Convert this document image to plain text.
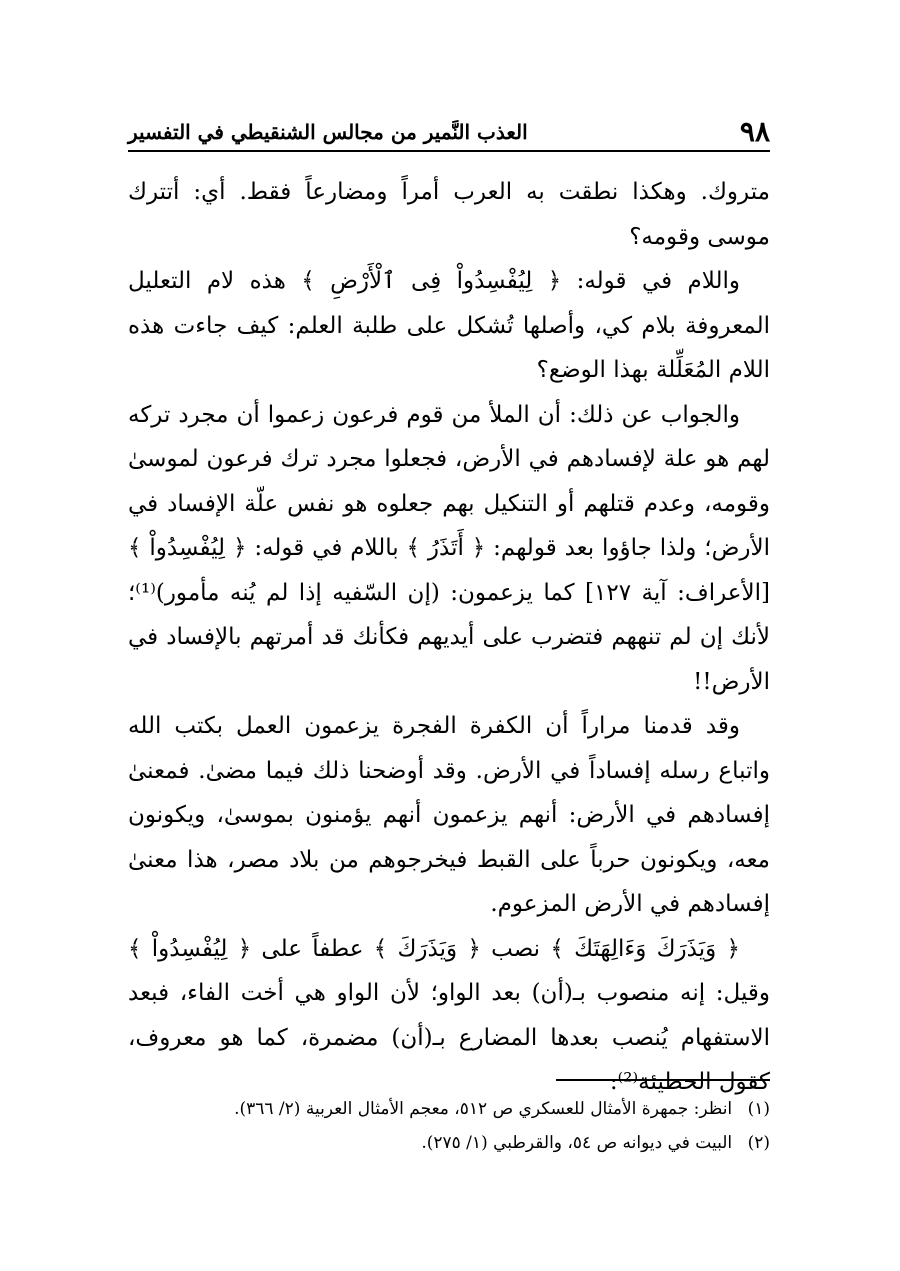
٩٨
العذب النَّمير من مجالس الشنقيطي في التفسير

متروك. وهكذا نطقت به العرب أمراً ومضارعاً فقط. أي: أتترك موسى وقومه؟

واللام في قوله: ﴿ لِيُفْسِدُواْ فِى ٱلْأَرْضِ ﴾ هذه لام التعليل المعروفة بلام كي، وأصلها تُشكل على طلبة العلم: كيف جاءت هذه اللام المُعَلِّلة بهذا الوضع؟

والجواب عن ذلك: أن الملأ من قوم فرعون زعموا أن مجرد تركه لهم هو علة لإفسادهم في الأرض، فجعلوا مجرد ترك فرعون لموسىٰ وقومه، وعدم قتلهم أو التنكيل بهم جعلوه هو نفس علّة الإفساد في الأرض؛ ولذا جاؤوا بعد قولهم: ﴿ أَتَذَرُ ﴾ باللام في قوله: ﴿ لِيُفْسِدُواْ ﴾ [الأعراف: آية ١٢٧] كما يزعمون: (إن السّفيه إذا لم يُنه مأمور)⁽¹⁾؛ لأنك إن لم تنههم فتضرب على أيديهم فكأنك قد أمرتهم بالإفساد في الأرض!!

وقد قدمنا مراراً أن الكفرة الفجرة يزعمون العمل بكتب الله واتباع رسله إفساداً في الأرض. وقد أوضحنا ذلك فيما مضىٰ. فمعنىٰ إفسادهم في الأرض: أنهم يزعمون أنهم يؤمنون بموسىٰ، ويكونون معه، ويكونون حرباً على القبط فيخرجوهم من بلاد مصر، هذا معنىٰ إفسادهم في الأرض المزعوم.

﴿ وَيَذَرَكَ وَءَالِهَتَكَ ﴾ نصب ﴿ وَيَذَرَكَ ﴾ عطفاً على ﴿ لِيُفْسِدُواْ ﴾ وقيل: إنه منصوب بـ(أن) بعد الواو؛ لأن الواو هي أخت الفاء، فبعد الاستفهام يُنصب بعدها المضارع بـ(أن) مضمرة، كما هو معروف، كقول الحطيئة⁽²⁾:

(١) انظر: جمهرة الأمثال للعسكري ص ٥١٢، معجم الأمثال العربية (٢/ ٣٦٦).

(٢) البيت في ديوانه ص ٥٤، والقرطبي (١/ ٢٧٥).
